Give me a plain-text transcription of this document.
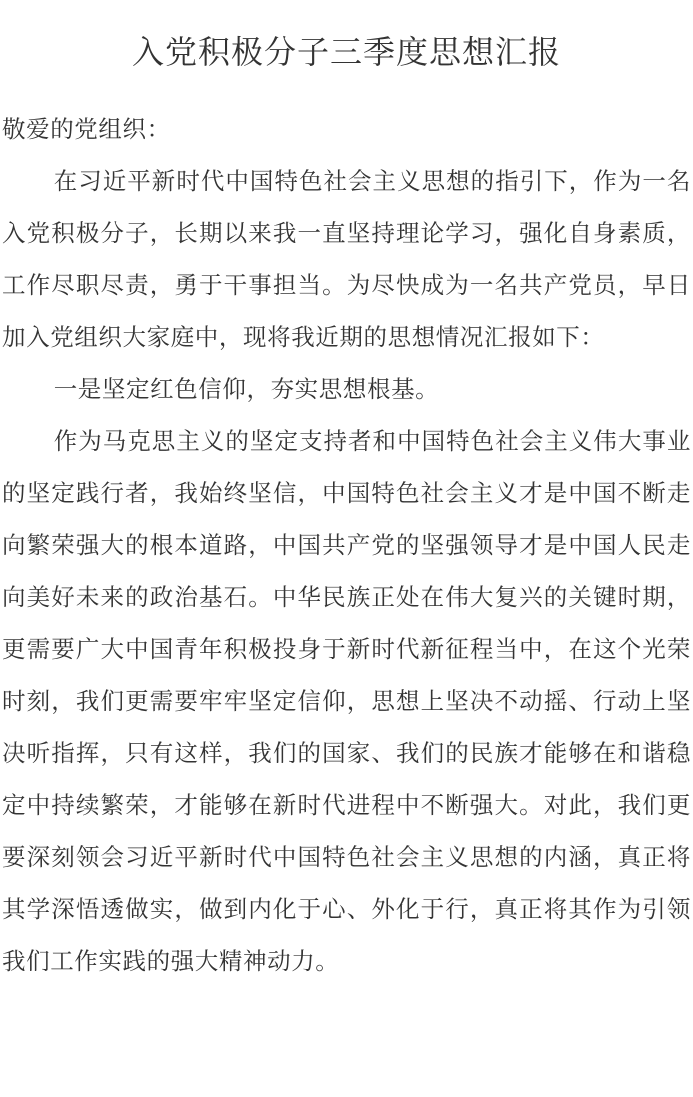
入党积极分子三季度思想汇报

敬爱的党组织：

在习近平新时代中国特色社会主义思想的指引下，作为一名入党积极分子，长期以来我一直坚持理论学习，强化自身素质，工作尽职尽责，勇于干事担当。为尽快成为一名共产党员，早日加入党组织大家庭中，现将我近期的思想情况汇报如下：

一是坚定红色信仰，夯实思想根基。

作为马克思主义的坚定支持者和中国特色社会主义伟大事业的坚定践行者，我始终坚信，中国特色社会主义才是中国不断走向繁荣强大的根本道路，中国共产党的坚强领导才是中国人民走向美好未来的政治基石。中华民族正处在伟大复兴的关键时期，更需要广大中国青年积极投身于新时代新征程当中，在这个光荣时刻，我们更需要牢牢坚定信仰，思想上坚决不动摇、行动上坚决听指挥，只有这样，我们的国家、我们的民族才能够在和谐稳定中持续繁荣，才能够在新时代进程中不断强大。对此，我们更要深刻领会习近平新时代中国特色社会主义思想的内涵，真正将其学深悟透做实，做到内化于心、外化于行，真正将其作为引领我们工作实践的强大精神动力。
